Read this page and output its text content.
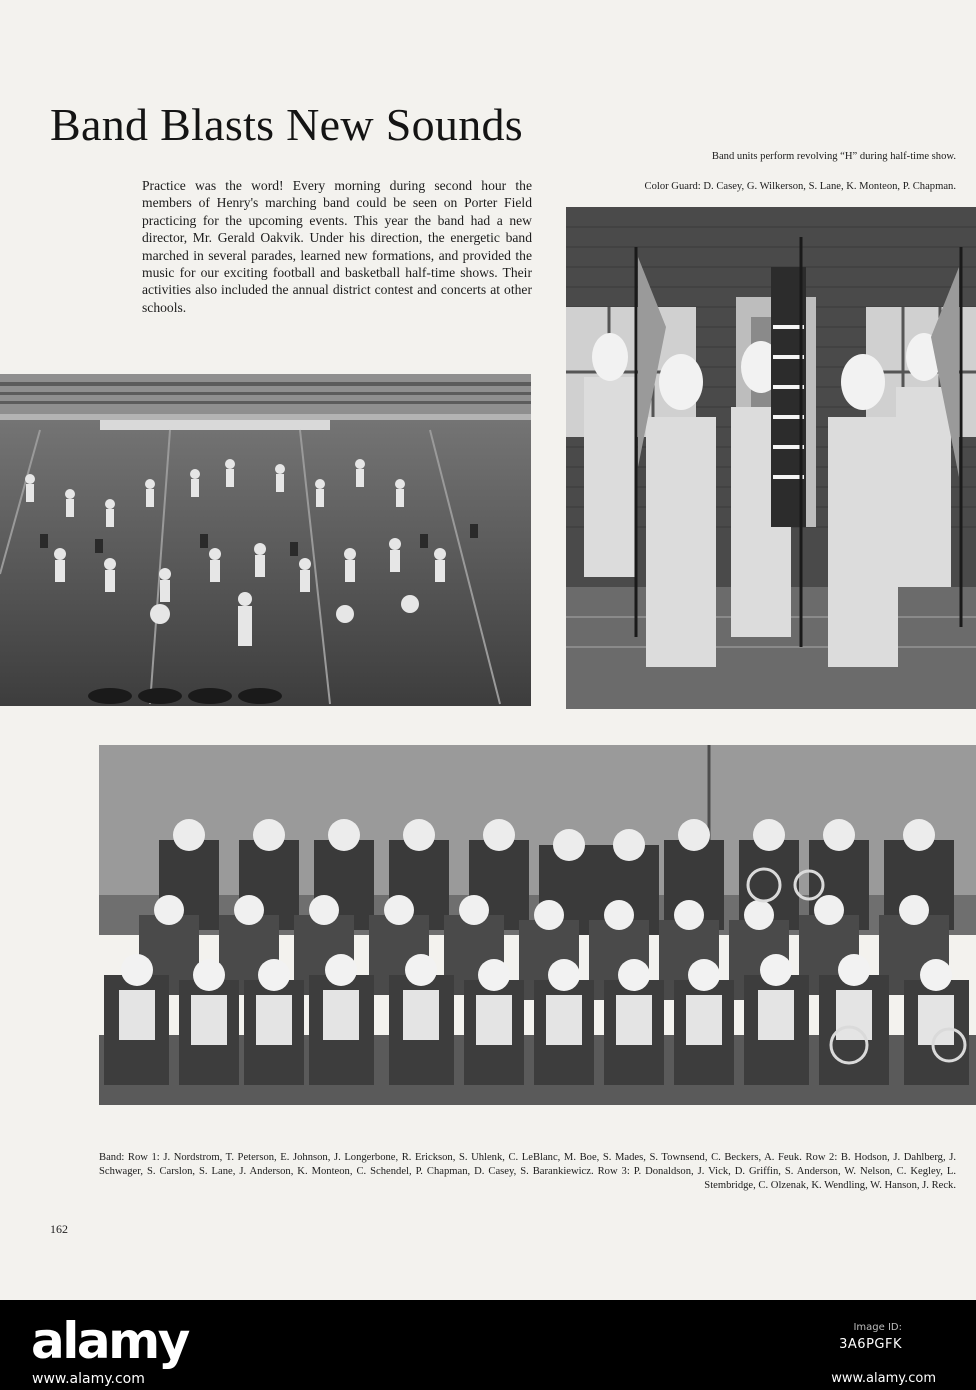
Band Blasts New Sounds

Practice was the word! Every morning during second hour the members of Henry's marching band could be seen on Porter Field practicing for the upcoming events. This year the band had a new director, Mr. Gerald Oakvik. Under his direction, the energetic band marched in several parades, learned new formations, and provided the music for our exciting football and basketball half-time shows. Their activities also included the annual district contest and concerts at other schools.

Band units perform revolving “H” during half-time show.
Color Guard: D. Casey, G. Wilkerson, S. Lane, K. Monteon, P. Chapman.

Band: Row 1: J. Nordstrom, T. Peterson, E. Johnson, J. Longerbone, R. Erickson, S. Uhlenk, C. LeBlanc, M. Boe, S. Mades, S. Townsend, C. Beckers, A. Feuk. Row 2: B. Hodson, J. Dahlberg, J. Schwager, S. Carslon, S. Lane, J. Anderson, K. Monteon, C. Schendel, P. Chapman, D. Casey, S. Barankiewicz. Row 3: P. Donaldson, J. Vick, D. Griffin, S. Anderson, W. Nelson, C. Kegley, L. Stembridge, C. Olzenak, K. Wendling, W. Hanson, J. Reck.

162
alamy
www.alamy.com
Image ID:
3A6PGFK
www.alamy.com
